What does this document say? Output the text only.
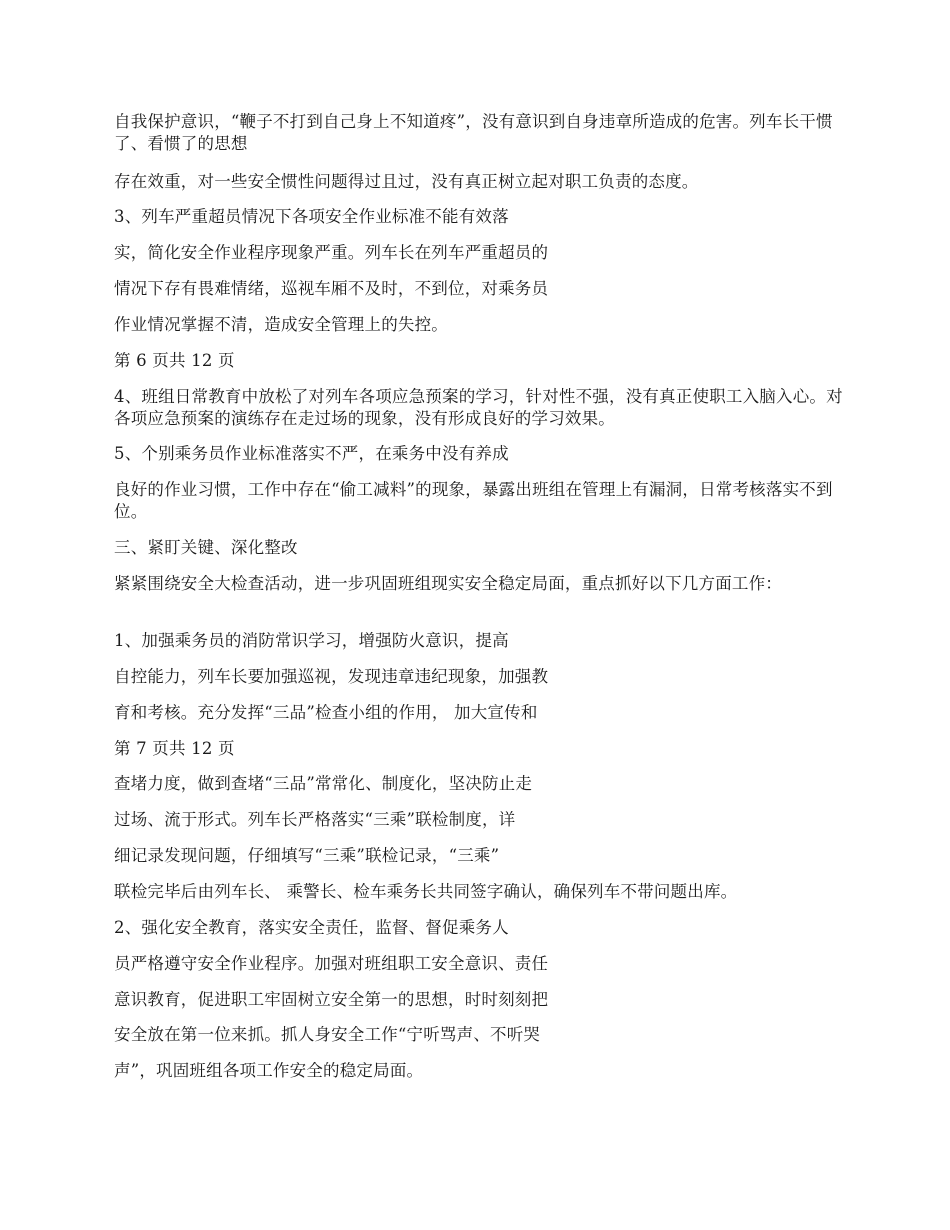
自我保护意识，“鞭子不打到自己身上不知道疼”，没有意识到自身违章所造成的危害。列车长干惯了、看惯了的思想

存在效重，对一些安全惯性问题得过且过，没有真正树立起对职工负责的态度。

3、列车严重超员情况下各项安全作业标准不能有效落

实，简化安全作业程序现象严重。列车长在列车严重超员的

情况下存有畏难情绪，巡视车厢不及时，不到位，对乘务员

作业情况掌握不清，造成安全管理上的失控。

第 6 页共 12 页

4、班组日常教育中放松了对列车各项应急预案的学习，针对性不强，没有真正使职工入脑入心。对各项应急预案的演练存在走过场的现象，没有形成良好的学习效果。

5、个别乘务员作业标准落实不严，在乘务中没有养成

良好的作业习惯，工作中存在“偷工减料”的现象，暴露出班组在管理上有漏洞，日常考核落实不到位。

三、紧盯关键、深化整改

紧紧围绕安全大检查活动，进一步巩固班组现实安全稳定局面，重点抓好以下几方面工作：

1、加强乘务员的消防常识学习，增强防火意识，提高

自控能力，列车长要加强巡视，发现违章违纪现象，加强教

育和考核。充分发挥“三品”检查小组的作用， 加大宣传和

第 7 页共 12 页

查堵力度，做到查堵“三品”常常化、制度化，坚决防止走

过场、流于形式。列车长严格落实“三乘”联检制度，详

细记录发现问题，仔细填写“三乘”联检记录，“三乘”

联检完毕后由列车长、 乘警长、检车乘务长共同签字确认，确保列车不带问题出库。

2、强化安全教育，落实安全责任，监督、督促乘务人

员严格遵守安全作业程序。加强对班组职工安全意识、责任

意识教育，促进职工牢固树立安全第一的思想，时时刻刻把

安全放在第一位来抓。抓人身安全工作“宁听骂声、不听哭

声”，巩固班组各项工作安全的稳定局面。
